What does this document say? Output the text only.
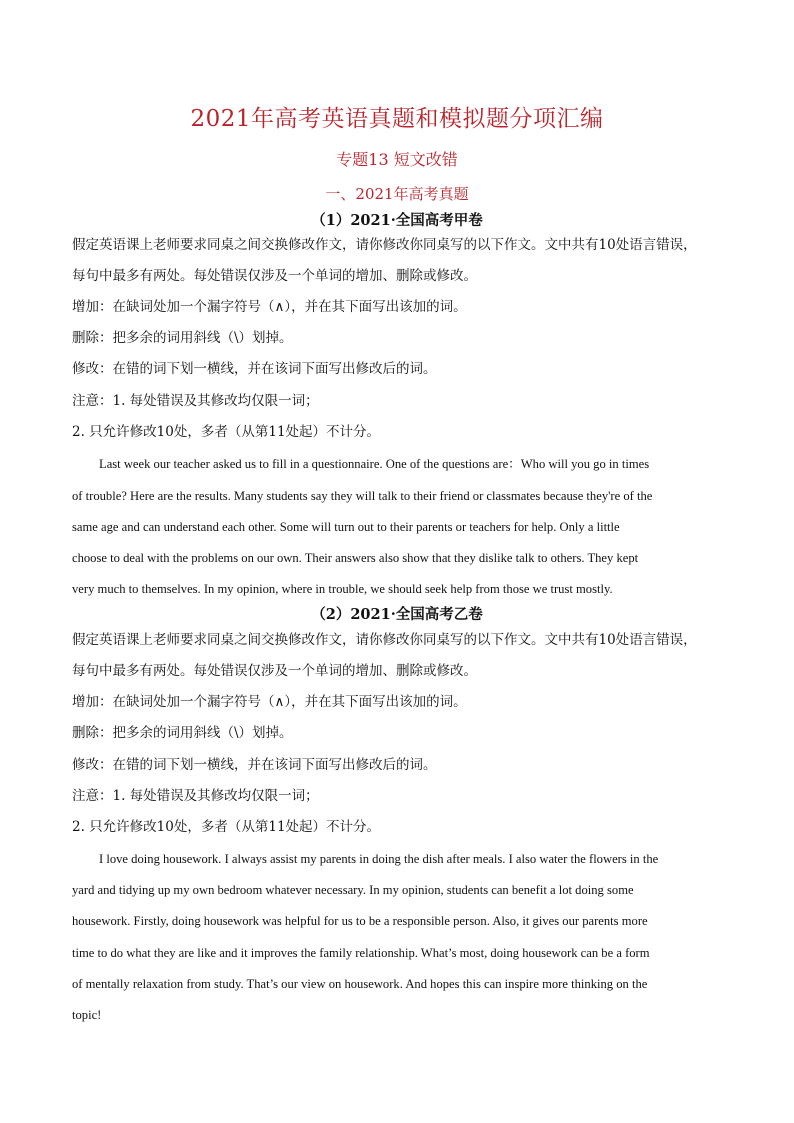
2021年高考英语真题和模拟题分项汇编
专题13 短文改错
一、2021年高考真题
（1）2021·全国高考甲卷
假定英语课上老师要求同桌之间交换修改作文，请你修改你同桌写的以下作文。文中共有10处语言错误，
每句中最多有两处。每处错误仅涉及一个单词的增加、删除或修改。
增加：在缺词处加一个漏字符号（∧），并在其下面写出该加的词。
删除：把多余的词用斜线（\）划掉。
修改：在错的词下划一横线，并在该词下面写出修改后的词。
注意：1. 每处错误及其修改均仅限一词；
2. 只允许修改10处，多者（从第11处起）不计分。
Last week our teacher asked us to fill in a questionnaire. One of the questions are：Who will you go in times
of trouble? Here are the results. Many students say they will talk to their friend or classmates because they're of the
same age and can understand each other. Some will turn out to their parents or teachers for help. Only a little
choose to deal with the problems on our own. Their answers also show that they dislike talk to others. They kept
very much to themselves. In my opinion, where in trouble, we should seek help from those we trust mostly.
（2）2021·全国高考乙卷
假定英语课上老师要求同桌之间交换修改作文，请你修改你同桌写的以下作文。文中共有10处语言错误，
每句中最多有两处。每处错误仅涉及一个单词的增加、删除或修改。
增加：在缺词处加一个漏字符号（∧），并在其下面写出该加的词。
删除：把多余的词用斜线（\）划掉。
修改：在错的词下划一横线，并在该词下面写出修改后的词。
注意：1. 每处错误及其修改均仅限一词；
2. 只允许修改10处，多者（从第11处起）不计分。
I love doing housework. I always assist my parents in doing the dish after meals. I also water the flowers in the
yard and tidying up my own bedroom whatever necessary. In my opinion, students can benefit a lot doing some
housework. Firstly, doing housework was helpful for us to be a responsible person. Also, it gives our parents more
time to do what they are like and it improves the family relationship. What’s most, doing housework can be a form
of mentally relaxation from study. That’s our view on housework. And hopes this can inspire more thinking on the
topic!
